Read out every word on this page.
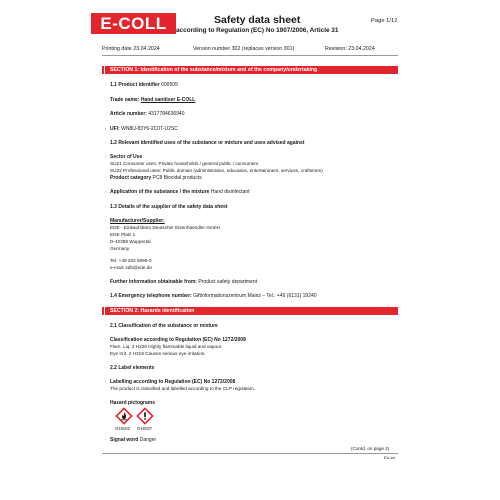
E-COLL	Safety data sheet
according to Regulation (EC) No 1907/2006, Article 31
Page 1/12
Printing date 23.04.2024	Version number 302 (replaces version 301)	Revision: 23.04.2024
SECTION 1: Identification of the substance/mixture and of the company/undertaking
· 1.1 Product identifier 600509
· Trade name: Hand sanitiser E-COLL
· Article number: 4317784636940
· UFI: WN8U-83Y6-2C0T-U2SC
· 1.2 Relevant identified uses of the substance or mixture and uses advised against
· Sector of Use
SU21 Consumer uses: Private households / general public / consumers
SU22 Professional uses: Public domain (administration, education, entertainment, services, craftsmen)
· Product category PC8 Biocidal products
· Application of the substance / the mixture Hand disinfectant
· 1.3 Details of the supplier of the safety data sheet
· Manufacturer/Supplier:
EDE - Einkaufsbüro Deutscher Eisenhaendler GmbH
EDE Platz 1
D-42389 Wuppertal
Germany
Tel. +49 202 6096-0
e-mail: sdb@ede.de
· Further information obtainable from: Product safety department
· 1.4 Emergency telephone number: Giftinformationszentrum Mainz – Tel.: +49 (6131) 19240
SECTION 2: Hazards identification
· 2.1 Classification of the substance or mixture
· Classification according to Regulation (EC) No 1272/2008
Flam. Liq. 2 H225 Highly flammable liquid and vapour.
Eye Irrit. 2 H319 Causes serious eye irritation.
· 2.2 Label elements
· Labelling according to Regulation (EC) No 1272/2008
The product is classified and labelled according to the CLP regulation.
· Hazard pictograms
GHS02 GHS07
· Signal word Danger
(Contd. on page 2)
EU-en
